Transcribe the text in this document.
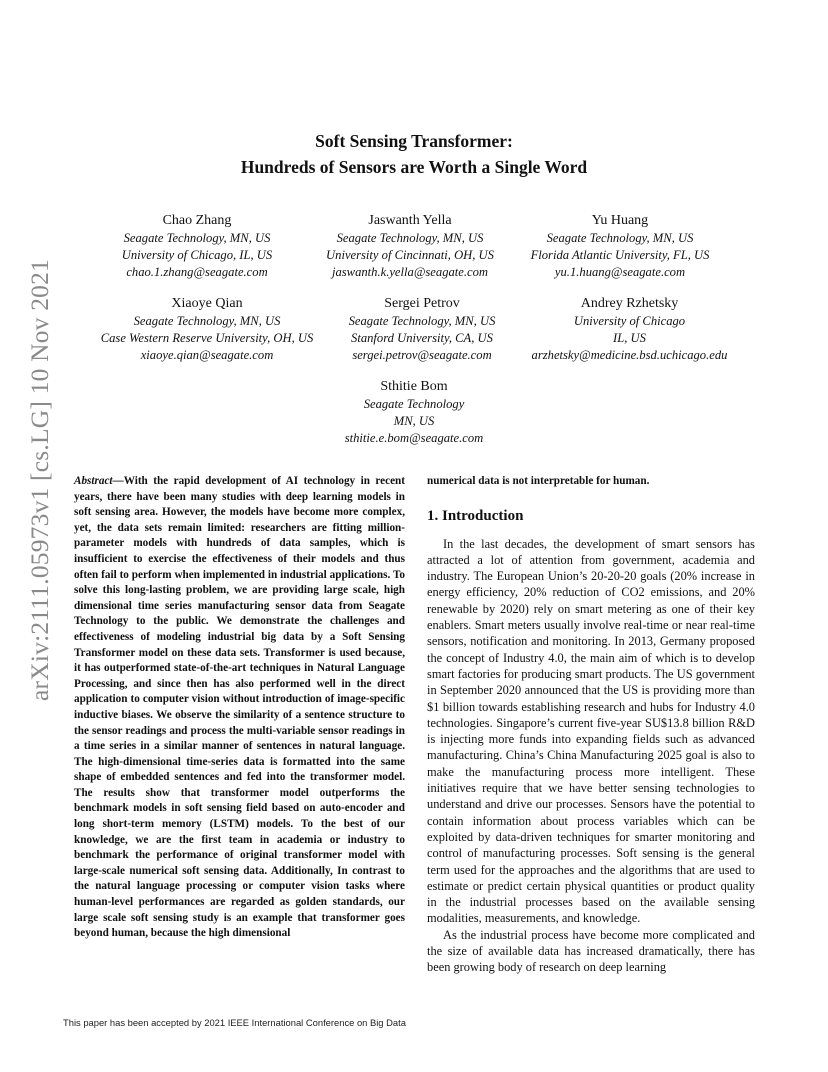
arXiv:2111.05973v1 [cs.LG] 10 Nov 2021
Soft Sensing Transformer:
Hundreds of Sensors are Worth a Single Word
Chao Zhang
Seagate Technology, MN, US
University of Chicago, IL, US
chao.1.zhang@seagate.com
Jaswanth Yella
Seagate Technology, MN, US
University of Cincinnati, OH, US
jaswanth.k.yella@seagate.com
Yu Huang
Seagate Technology, MN, US
Florida Atlantic University, FL, US
yu.1.huang@seagate.com
Xiaoye Qian
Seagate Technology, MN, US
Case Western Reserve University, OH, US
xiaoye.qian@seagate.com
Sergei Petrov
Seagate Technology, MN, US
Stanford University, CA, US
sergei.petrov@seagate.com
Andrey Rzhetsky
University of Chicago
IL, US
arzhetsky@medicine.bsd.uchicago.edu
Sthitie Bom
Seagate Technology
MN, US
sthitie.e.bom@seagate.com
Abstract—With the rapid development of AI technology in recent years, there have been many studies with deep learning models in soft sensing area. However, the models have become more complex, yet, the data sets remain limited: researchers are fitting million-parameter models with hundreds of data samples, which is insufficient to exercise the effectiveness of their models and thus often fail to perform when implemented in industrial applications. To solve this long-lasting problem, we are providing large scale, high dimensional time series manufacturing sensor data from Seagate Technology to the public. We demonstrate the challenges and effectiveness of modeling industrial big data by a Soft Sensing Transformer model on these data sets. Transformer is used because, it has outperformed state-of-the-art techniques in Natural Language Processing, and since then has also performed well in the direct application to computer vision without introduction of image-specific inductive biases. We observe the similarity of a sentence structure to the sensor readings and process the multi-variable sensor readings in a time series in a similar manner of sentences in natural language. The high-dimensional time-series data is formatted into the same shape of embedded sentences and fed into the transformer model. The results show that transformer model outperforms the benchmark models in soft sensing field based on auto-encoder and long short-term memory (LSTM) models. To the best of our knowledge, we are the first team in academia or industry to benchmark the performance of original transformer model with large-scale numerical soft sensing data. Additionally, In contrast to the natural language processing or computer vision tasks where human-level performances are regarded as golden standards, our large scale soft sensing study is an example that transformer goes beyond human, because the high dimensional
numerical data is not interpretable for human.
1. Introduction

In the last decades, the development of smart sensors has attracted a lot of attention from government, academia and industry. The European Union’s 20-20-20 goals (20% increase in energy efficiency, 20% reduction of CO2 emissions, and 20% renewable by 2020) rely on smart metering as one of their key enablers. Smart meters usually involve real-time or near real-time sensors, notification and monitoring. In 2013, Germany proposed the concept of Industry 4.0, the main aim of which is to develop smart factories for producing smart products. The US government in September 2020 announced that the US is providing more than $1 billion towards establishing research and hubs for Industry 4.0 technologies. Singapore’s current five-year SU$13.8 billion R&D is injecting more funds into expanding fields such as advanced manufacturing. China’s China Manufacturing 2025 goal is also to make the manufacturing process more intelligent. These initiatives require that we have better sensing technologies to understand and drive our processes. Sensors have the potential to contain information about process variables which can be exploited by data-driven techniques for smarter monitoring and control of manufacturing processes. Soft sensing is the general term used for the approaches and the algorithms that are used to estimate or predict certain physical quantities or product quality in the industrial processes based on the available sensing modalities, measurements, and knowledge.

As the industrial process have become more complicated and the size of available data has increased dramatically, there has been growing body of research on deep learning

This paper has been accepted by 2021 IEEE International Conference on Big Data
